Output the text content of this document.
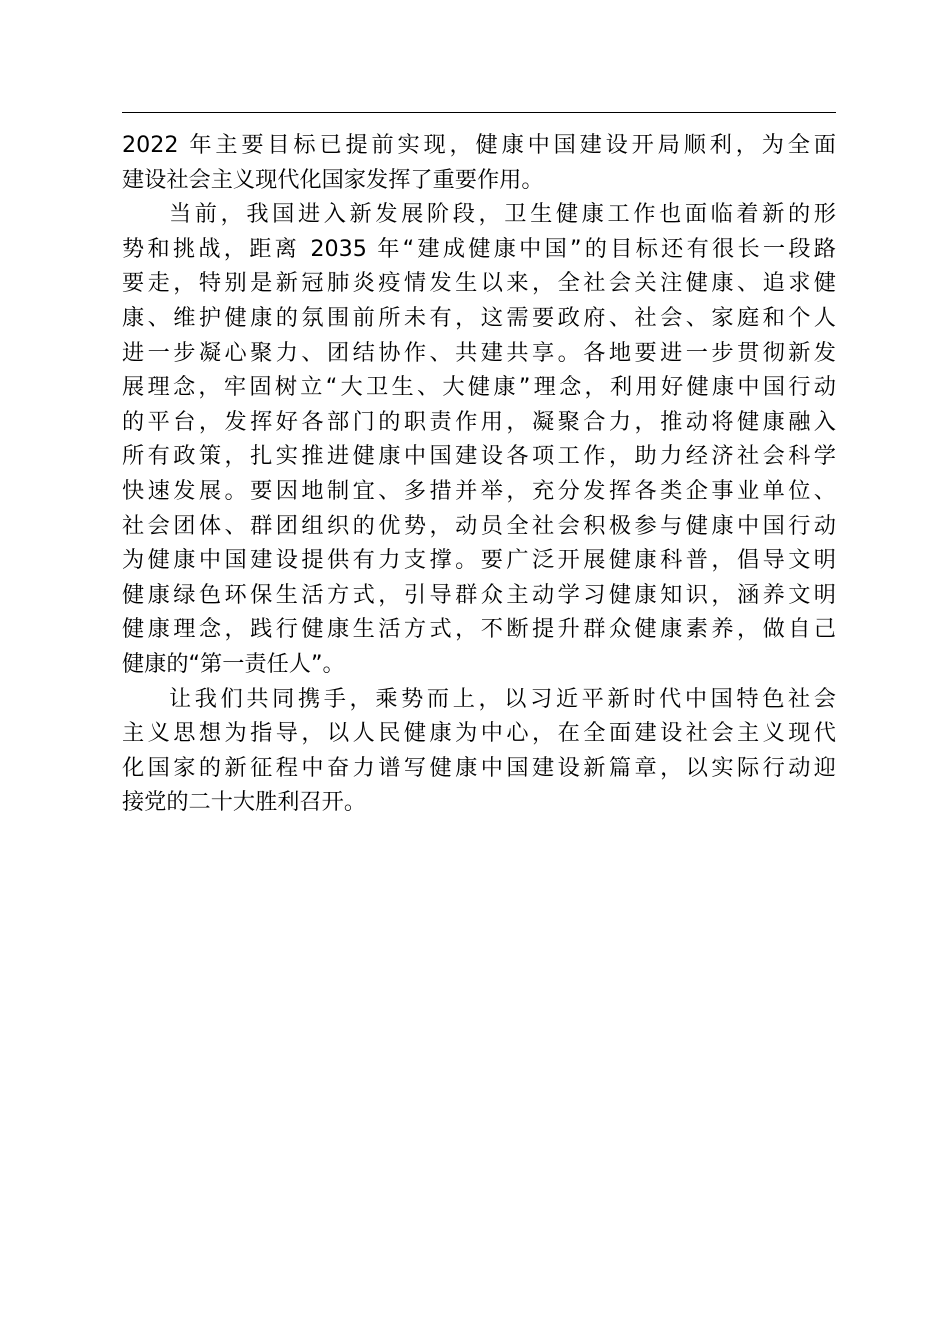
2022 年主要目标已提前实现，健康中国建设开局顺利，为全面
建设社会主义现代化国家发挥了重要作用。
当前，我国进入新发展阶段，卫生健康工作也面临着新的形
势和挑战，距离 2035 年“建成健康中国”的目标还有很长一段路
要走，特别是新冠肺炎疫情发生以来，全社会关注健康、追求健
康、维护健康的氛围前所未有，这需要政府、社会、家庭和个人
进一步凝心聚力、团结协作、共建共享。各地要进一步贯彻新发
展理念，牢固树立“大卫生、大健康”理念，利用好健康中国行动
的平台，发挥好各部门的职责作用，凝聚合力，推动将健康融入
所有政策，扎实推进健康中国建设各项工作，助力经济社会科学
快速发展。要因地制宜、多措并举，充分发挥各类企事业单位、
社会团体、群团组织的优势，动员全社会积极参与健康中国行动
为健康中国建设提供有力支撑。要广泛开展健康科普，倡导文明
健康绿色环保生活方式，引导群众主动学习健康知识，涵养文明
健康理念，践行健康生活方式，不断提升群众健康素养，做自己
健康的“第一责任人”。
让我们共同携手，乘势而上，以习近平新时代中国特色社会
主义思想为指导，以人民健康为中心，在全面建设社会主义现代
化国家的新征程中奋力谱写健康中国建设新篇章，以实际行动迎
接党的二十大胜利召开。
